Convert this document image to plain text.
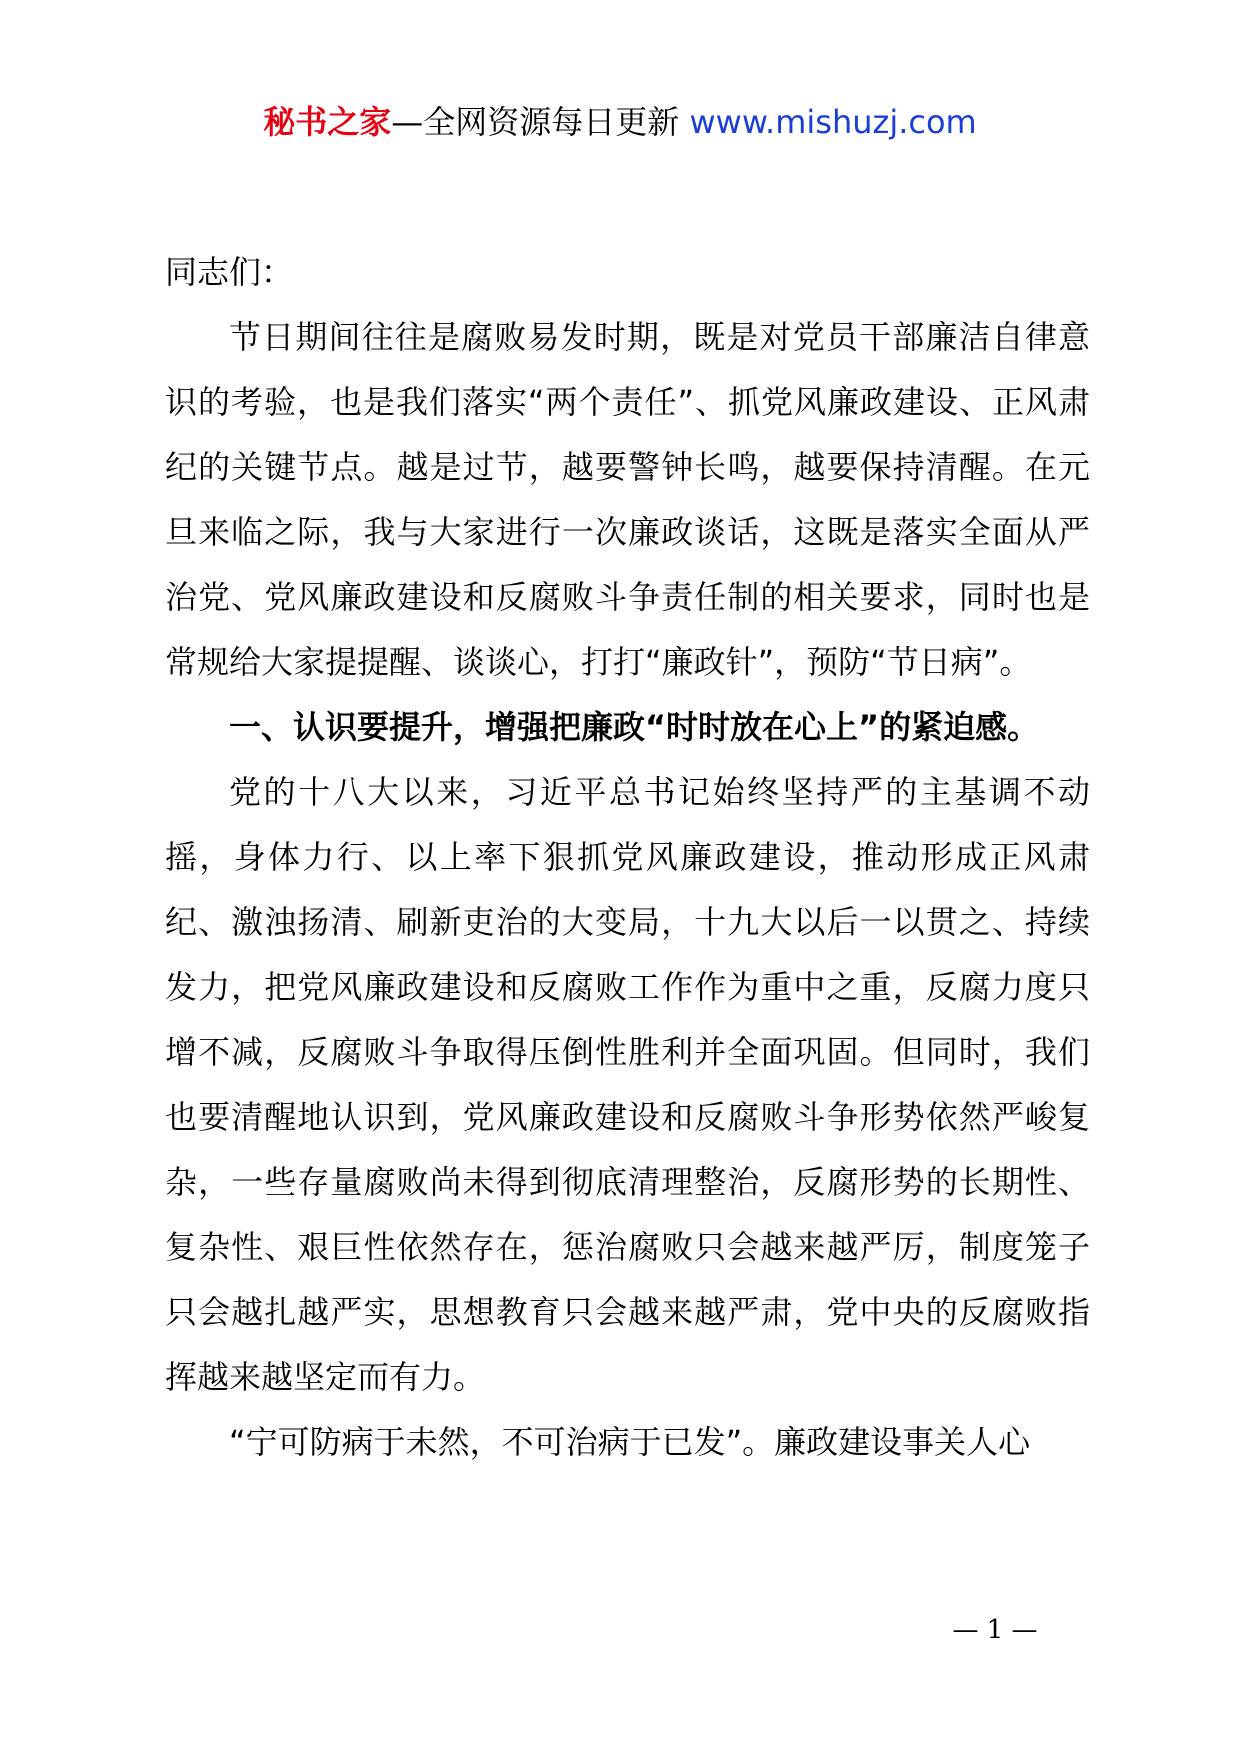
秘书之家—全网资源每日更新 www.mishuzj.com

同志们：

节日期间往往是腐败易发时期，既是对党员干部廉洁自律意识的考验，也是我们落实“两个责任”、抓党风廉政建设、正风肃纪的关键节点。越是过节，越要警钟长鸣，越要保持清醒。在元旦来临之际，我与大家进行一次廉政谈话，这既是落实全面从严治党、党风廉政建设和反腐败斗争责任制的相关要求，同时也是常规给大家提提醒、谈谈心，打打“廉政针”，预防“节日病”。

一、认识要提升，增强把廉政“时时放在心上”的紧迫感。

党的十八大以来，习近平总书记始终坚持严的主基调不动摇，身体力行、以上率下狠抓党风廉政建设，推动形成正风肃纪、激浊扬清、刷新吏治的大变局，十九大以后一以贯之、持续发力，把党风廉政建设和反腐败工作作为重中之重，反腐力度只增不减，反腐败斗争取得压倒性胜利并全面巩固。但同时，我们也要清醒地认识到，党风廉政建设和反腐败斗争形势依然严峻复杂，一些存量腐败尚未得到彻底清理整治，反腐形势的长期性、复杂性、艰巨性依然存在，惩治腐败只会越来越严厉，制度笼子只会越扎越严实，思想教育只会越来越严肃，党中央的反腐败指挥越来越坚定而有力。

“宁可防病于未然，不可治病于已发”。廉政建设事关人心

— 1 —
